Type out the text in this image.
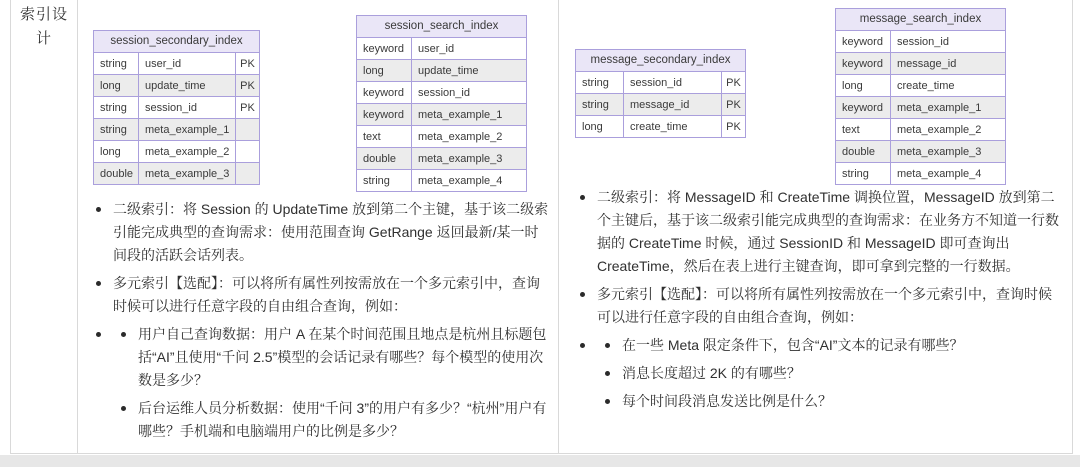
索引设计	session_secondary_index
string	user_id	PK
long	update_time	PK
string	session_id	PK
string	meta_example_1	
long	meta_example_2	
double	meta_example_3	
session_search_index
keyword	user_id
long	update_time
keyword	session_id
keyword	meta_example_1
text	meta_example_2
double	meta_example_3
string	meta_example_4
二级索引：将 Session 的 UpdateTime 放到第二个主键，基于该二级索引能完成典型的查询需求：使用范围查询 GetRange 返回最新/某一时间段的活跃会话列表。
多元索引【选配】：可以将所有属性列按需放在一个多元索引中，查询时候可以进行任意字段的自由组合查询，例如：
用户自己查询数据：用户 A 在某个时间范围且地点是杭州且标题包括“AI”且使用“千问 2.5”模型的会话记录有哪些？每个模型的使用次数是多少？
后台运维人员分析数据：使用“千问 3”的用户有多少？“杭州”用户有哪些？手机端和电脑端用户的比例是多少？
message_secondary_index
string	session_id	PK
string	message_id	PK
long	create_time	PK
message_search_index
keyword	session_id
keyword	message_id
long	create_time
keyword	meta_example_1
text	meta_example_2
double	meta_example_3
string	meta_example_4
二级索引：将 MessageID 和 CreateTime 调换位置，MessageID 放到第二个主键后，基于该二级索引能完成典型的查询需求：在业务方不知道一行数据的 CreateTime 时候，通过 SessionID 和 MessageID 即可查询出 CreateTime，然后在表上进行主键查询，即可拿到完整的一行数据。
多元索引【选配】：可以将所有属性列按需放在一个多元索引中，查询时候可以进行任意字段的自由组合查询，例如：
在一些 Meta 限定条件下，包含“AI”文本的记录有哪些？
消息长度超过 2K 的有哪些？
每个时间段消息发送比例是什么？
